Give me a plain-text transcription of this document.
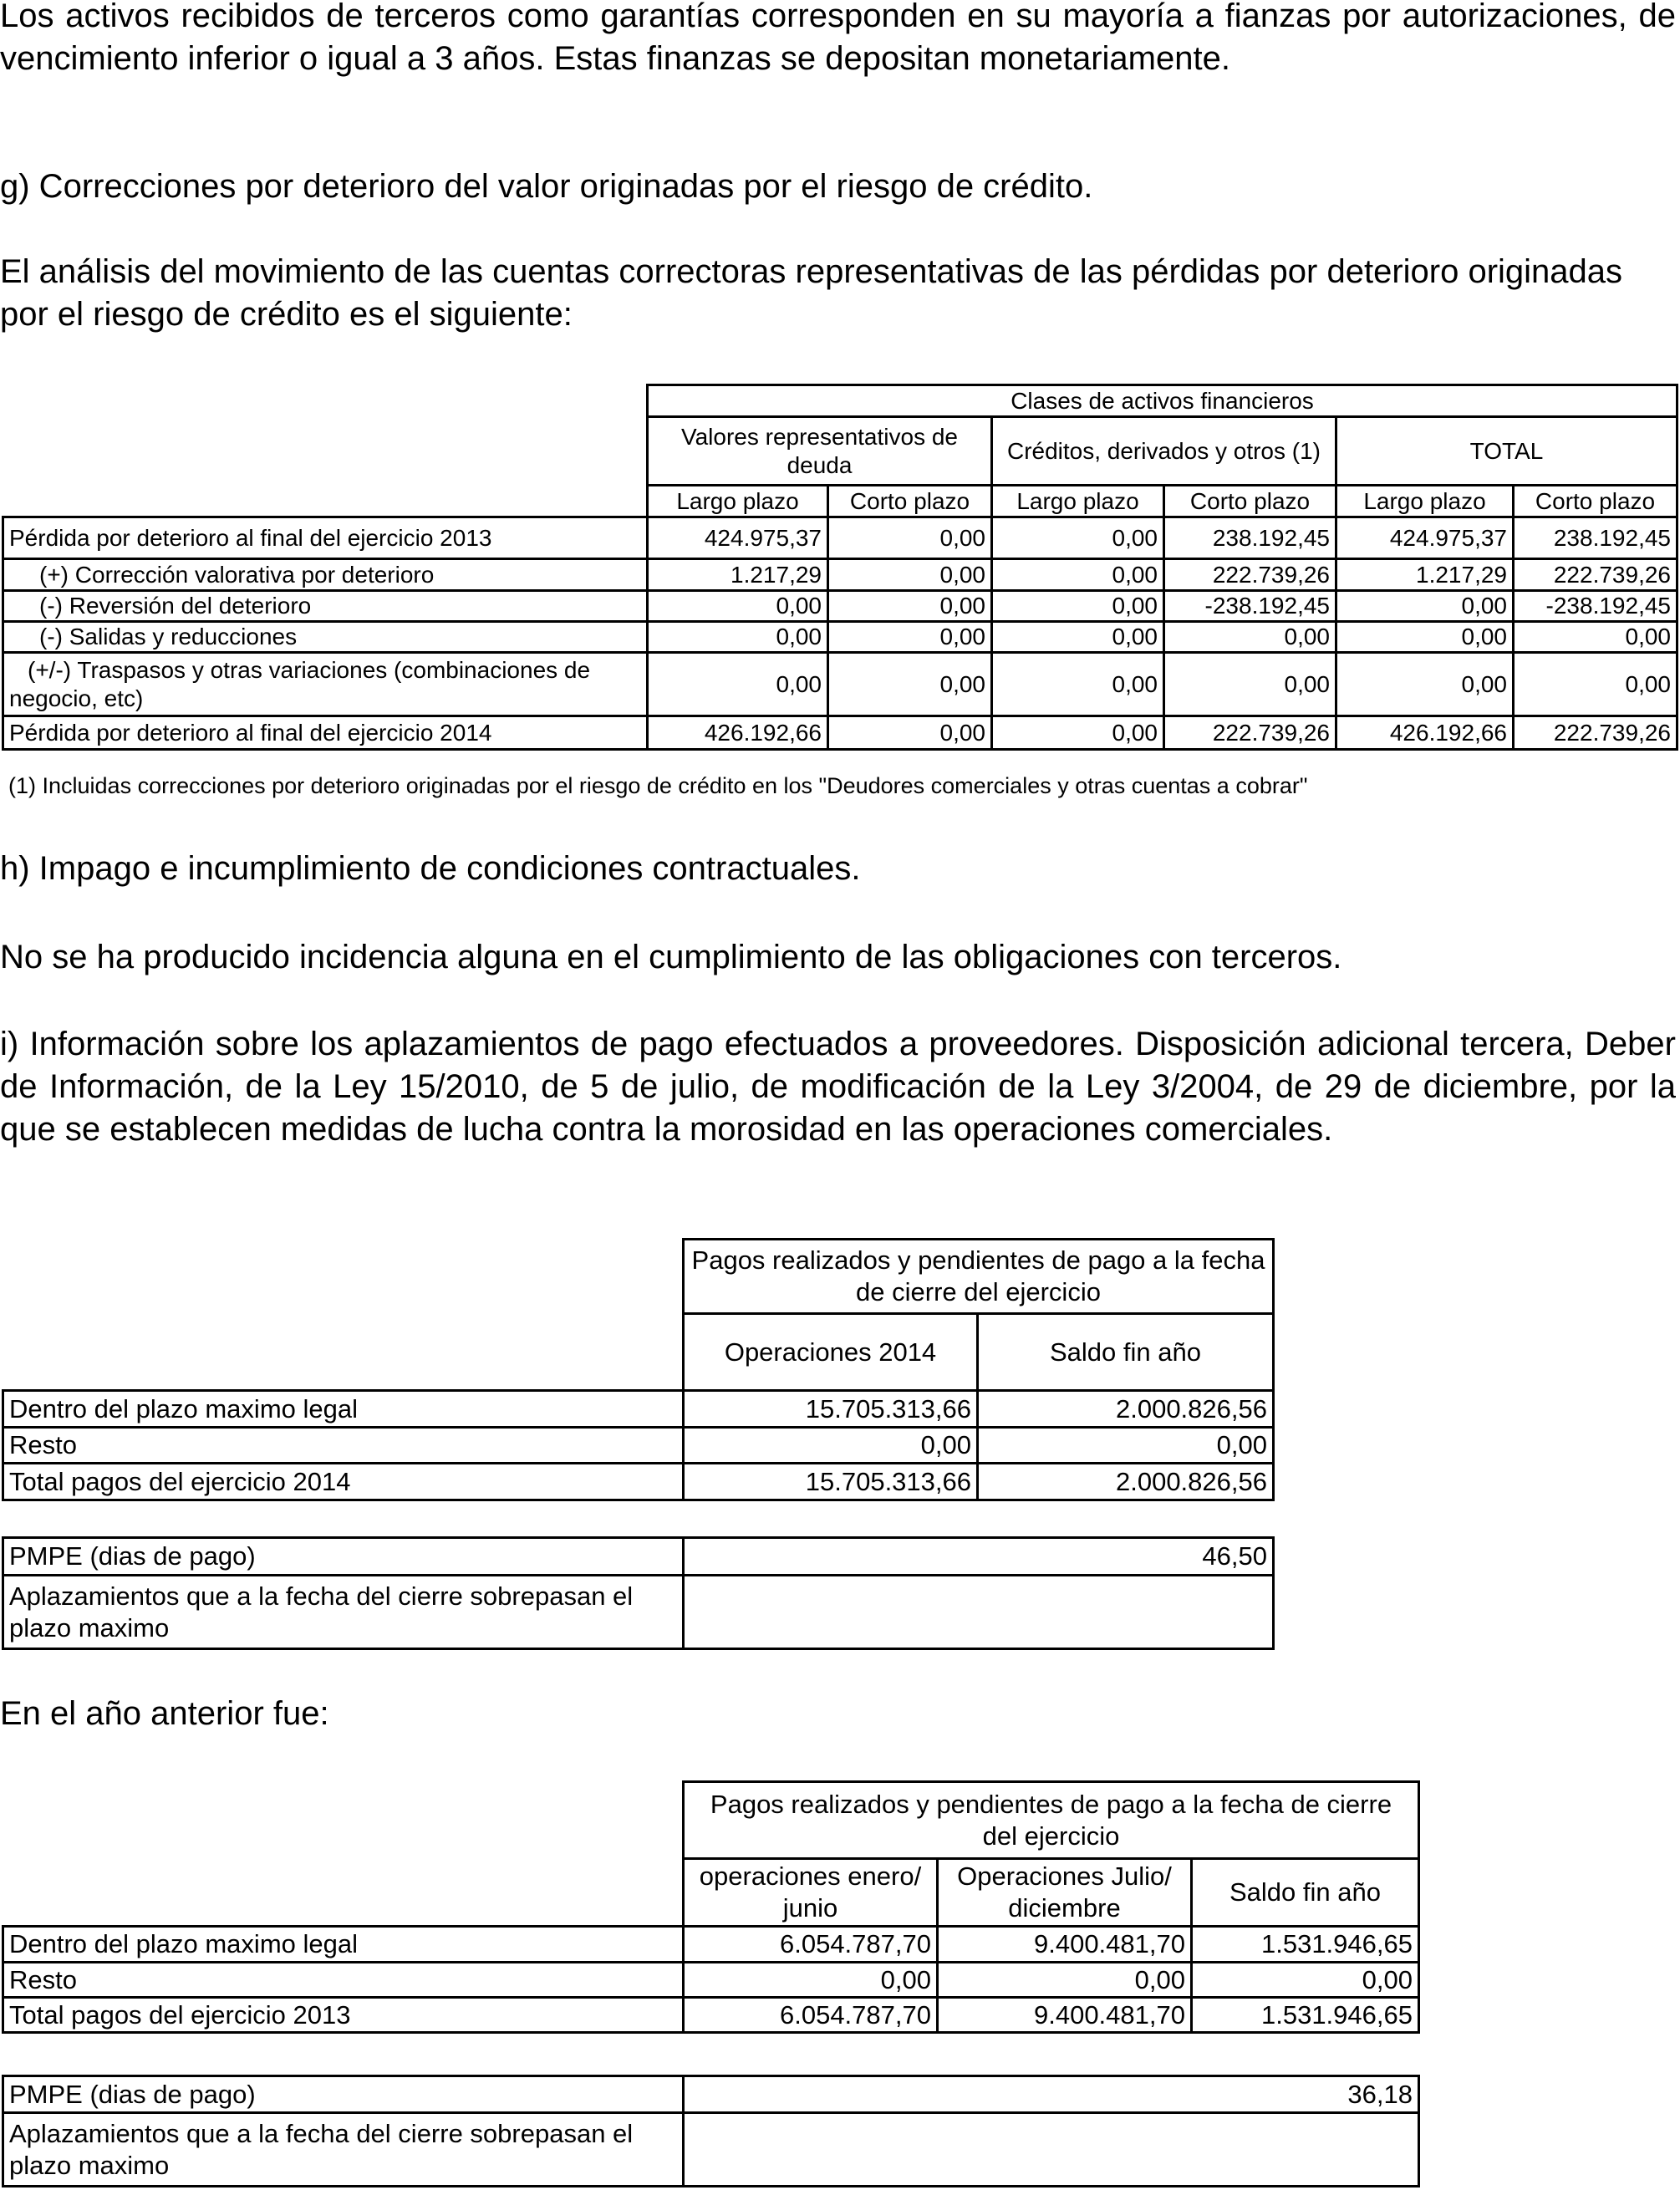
Los activos recibidos de terceros como garantías corresponden en su mayoría a fianzas por autorizaciones, de vencimiento inferior o igual a 3 años. Estas finanzas se depositan monetariamente.

g) Correcciones por deterioro del valor originadas por el riesgo de crédito.

El análisis del movimiento de las cuentas correctoras representativas de las pérdidas por deterioro originadas por el riesgo de crédito es el siguiente:

	Clases de activos financieros					
	Valores representativos de deuda		Créditos, derivados y otros (1)		TOTAL	
	Largo plazo	Corto plazo	Largo plazo	Corto plazo	Largo plazo	Corto plazo
Pérdida por deterioro al final del ejercicio 2013	424.975,37	0,00	0,00	238.192,45	424.975,37	238.192,45
(+) Corrección valorativa por deterioro	1.217,29	0,00	0,00	222.739,26	1.217,29	222.739,26
(-) Reversión del deterioro	0,00	0,00	0,00	-238.192,45	0,00	-238.192,45
(-) Salidas y reducciones	0,00	0,00	0,00	0,00	0,00	0,00
(+/-) Traspasos y otras variaciones (combinaciones de negocio, etc)	0,00	0,00	0,00	0,00	0,00	0,00
Pérdida por deterioro al final del ejercicio 2014	426.192,66	0,00	0,00	222.739,26	426.192,66	222.739,26
(1) Incluidas correcciones por deterioro originadas por el riesgo de crédito en los "Deudores comerciales y otras cuentas a cobrar"

h) Impago e incumplimiento de condiciones contractuales.

No se ha producido incidencia alguna en el cumplimiento de las obligaciones con terceros.

i) Información sobre los aplazamientos de pago efectuados a proveedores. Disposición adicional tercera, Deber de Información, de la Ley 15/2010, de 5 de julio, de modificación de la Ley 3/2004, de 29 de diciembre, por la que se establecen medidas de lucha contra la morosidad en las operaciones comerciales.

	Pagos realizados y pendientes de pago a la fecha de cierre del ejercicio	
	Operaciones 2014	Saldo fin año
Dentro del plazo maximo legal	15.705.313,66	2.000.826,56
Resto	0,00	0,00
Total pagos del ejercicio 2014	15.705.313,66	2.000.826,56
PMPE (dias de pago)	46,50
Aplazamientos que a la fecha del cierre sobrepasan el plazo maximo	

En el año anterior fue:

	Pagos realizados y pendientes de pago a la fecha de cierre del ejercicio		
	operaciones enero/ junio	Operaciones Julio/ diciembre	Saldo fin año
Dentro del plazo maximo legal	6.054.787,70	9.400.481,70	1.531.946,65
Resto	0,00	0,00	0,00
Total pagos del ejercicio 2013	6.054.787,70	9.400.481,70	1.531.946,65
PMPE (dias de pago)	36,18
Aplazamientos que a la fecha del cierre sobrepasan el plazo maximo	
